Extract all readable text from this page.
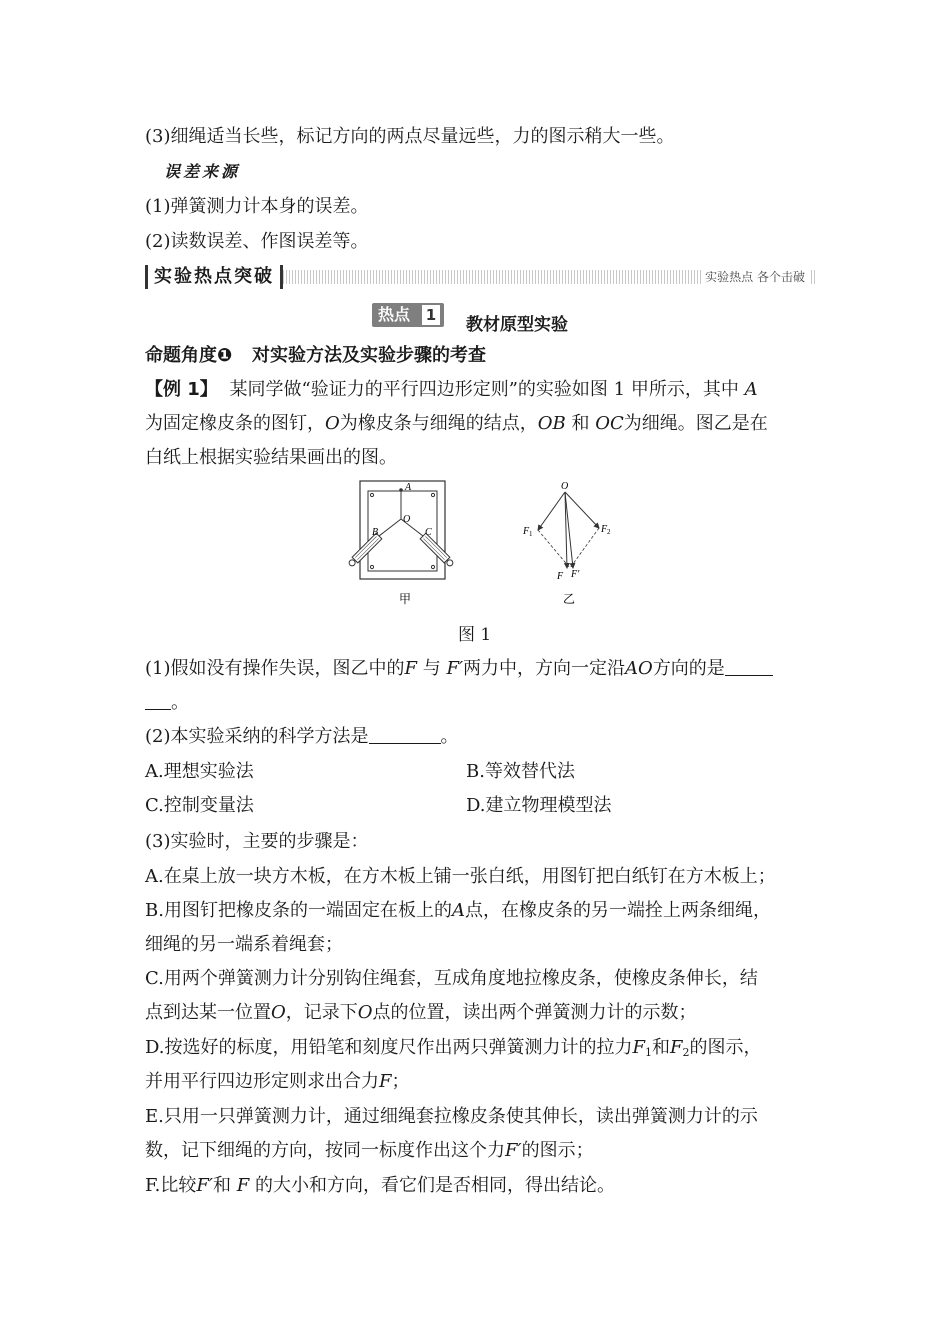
(3)细绳适当长些，标记方向的两点尽量远些，力的图示稍大一些。
误差来源
(1)弹簧测力计本身的误差。
(2)读数误差、作图误差等。
实验热点突破	实验热点 各个击破
热点 1 教材原型实验
命题角度❶ 对实验方法及实验步骤的考查
【例 1】 某同学做“验证力的平行四边形定则”的实验如图 1 甲所示，其中 A
为固定橡皮条的图钉，O为橡皮条与细绳的结点，OB 和 OC为细绳。图乙是在
白纸上根据实验结果画出的图。
A
O
B	C
甲
O
F 1	F 2
F F′
乙
图 1
(1)假如没有操作失误，图乙中的F 与 F′两力中，方向一定沿AO方向的是
。
(2)本实验采纳的科学方法是	。
A.理想实验法	B.等效替代法
C.控制变量法	D.建立物理模型法
(3)实验时，主要的步骤是：
A.在桌上放一块方木板，在方木板上铺一张白纸，用图钉把白纸钉在方木板上；
B.用图钉把橡皮条的一端固定在板上的A点，在橡皮条的另一端拴上两条细绳，
细绳的另一端系着绳套；
C.用两个弹簧测力计分别钩住绳套，互成角度地拉橡皮条，使橡皮条伸长，结
点到达某一位置O，记录下O点的位置，读出两个弹簧测力计的示数；
D.按选好的标度，用铅笔和刻度尺作出两只弹簧测力计的拉力$F_1$和$F_2$的图示，
并用平行四边形定则求出合力F；
E.只用一只弹簧测力计，通过细绳套拉橡皮条使其伸长，读出弹簧测力计的示
数，记下细绳的方向，按同一标度作出这个力F′的图示；
F.比较F′和 F 的大小和方向，看它们是否相同，得出结论。
